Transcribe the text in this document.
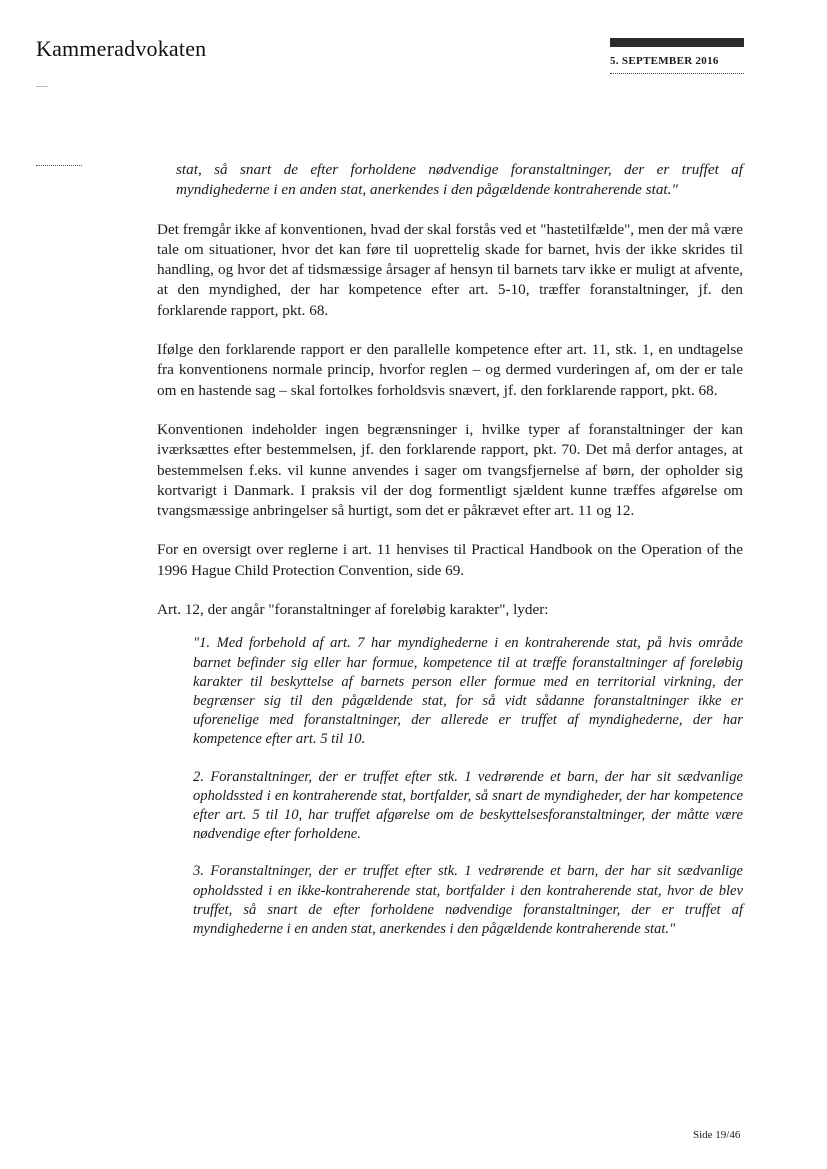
Kammeradvokaten	5. SEPTEMBER 2016

stat, så snart de efter forholdene nødvendige foranstaltninger, der er truffet af myndighederne i en anden stat, anerkendes i den pågældende kontraherende stat."

Det fremgår ikke af konventionen, hvad der skal forstås ved et "hastetilfælde", men der må være tale om situationer, hvor det kan føre til uoprettelig skade for barnet, hvis der ikke skrides til handling, og hvor det af tidsmæssige årsager af hensyn til barnets tarv ikke er muligt at afvente, at den myndighed, der har kompetence efter art. 5-10, træffer foranstaltninger, jf. den forklarende rapport, pkt. 68.

Ifølge den forklarende rapport er den parallelle kompetence efter art. 11, stk. 1, en undtagelse fra konventionens normale princip, hvorfor reglen – og dermed vurderingen af, om der er tale om en hastende sag – skal fortolkes forholdsvis snævert, jf. den forklarende rapport, pkt. 68.

Konventionen indeholder ingen begrænsninger i, hvilke typer af foranstaltninger der kan iværksættes efter bestemmelsen, jf. den forklarende rapport, pkt. 70. Det må derfor antages, at bestemmelsen f.eks. vil kunne anvendes i sager om tvangsfjernelse af børn, der opholder sig kortvarigt i Danmark. I praksis vil der dog formentligt sjældent kunne træffes afgørelse om tvangsmæssige anbringelser så hurtigt, som det er påkrævet efter art. 11 og 12.

For en oversigt over reglerne i art. 11 henvises til Practical Handbook on the Operation of the 1996 Hague Child Protection Convention, side 69.

Art. 12, der angår "foranstaltninger af foreløbig karakter", lyder:

"1. Med forbehold af art. 7 har myndighederne i en kontraherende stat, på hvis område barnet befinder sig eller har formue, kompetence til at træffe foranstaltninger af foreløbig karakter til beskyttelse af barnets person eller formue med en territorial virkning, der begrænser sig til den pågældende stat, for så vidt sådanne foranstaltninger ikke er uforenelige med foranstaltninger, der allerede er truffet af myndighederne, der har kompetence efter art. 5 til 10.

2. Foranstaltninger, der er truffet efter stk. 1 vedrørende et barn, der har sit sædvanlige opholdssted i en kontraherende stat, bortfalder, så snart de myndigheder, der har kompetence efter art. 5 til 10, har truffet afgørelse om de beskyttelsesforanstaltninger, der måtte være nødvendige efter forholdene.

3. Foranstaltninger, der er truffet efter stk. 1 vedrørende et barn, der har sit sædvanlige opholdssted i en ikke-kontraherende stat, bortfalder i den kontraherende stat, hvor de blev truffet, så snart de efter forholdene nødvendige foranstaltninger, der er truffet af myndighederne i en anden stat, anerkendes i den pågældende kontraherende stat."

Side 19/46
